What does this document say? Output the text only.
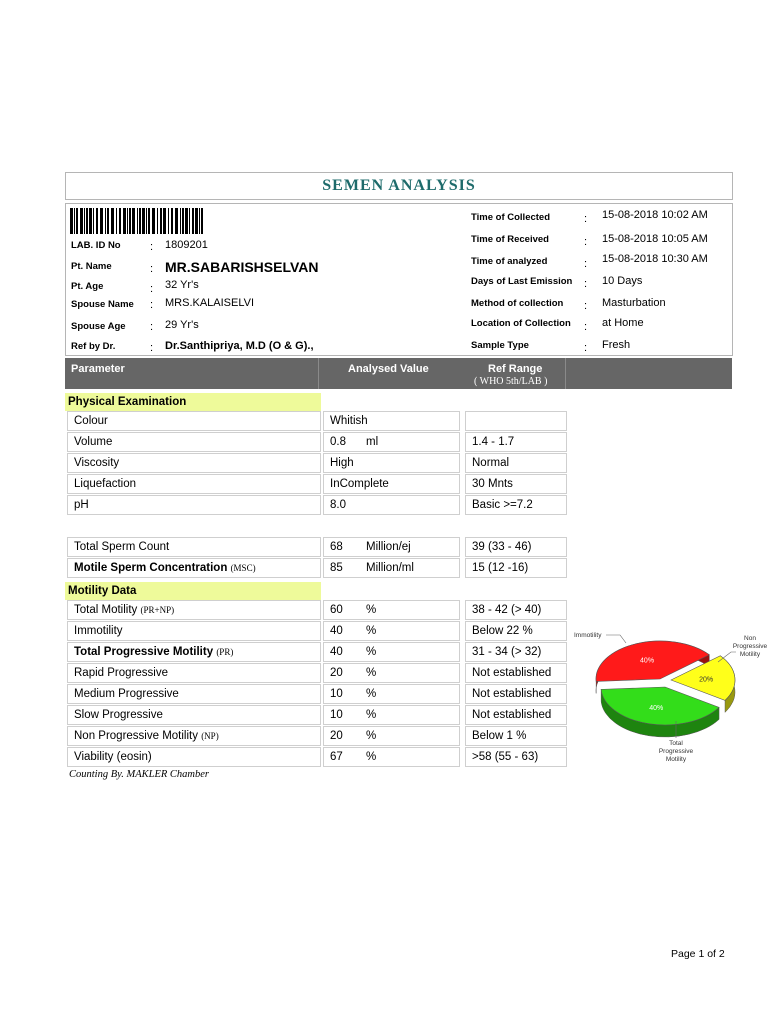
SEMEN ANALYSIS
LAB. ID No	: 1809201
Pt. Name	: MR.SABARISHSELVAN
Pt. Age	: 32 Yr's
Spouse Name : MRS.KALAISELVI
Spouse Age : 29 Yr's
Ref by Dr.	: Dr.Santhipriya, M.D (O & G).,
Time of Collected	: 15-08-2018 10:02 AM
Time of Received	: 15-08-2018 10:05 AM
Time of analyzed	: 15-08-2018 10:30 AM
Days of Last Emission : 10 Days
Method of collection : Masturbation
Location of Collection : at Home
Sample Type	: Fresh
Parameter	Analysed Value	Ref Range
( WHO 5th/LAB )
Physical Examination
Colour	Whitish
Volume	0.8 ml	1.4 - 1.7
Viscosity	High	Normal
Liquefaction	InComplete	30 Mnts
pH	8.0	Basic >=7.2
Total Sperm Count	68 Million/ej	39 (33 - 46)
Motile Sperm Concentration (MSC)	85 Million/ml	15 (12 -16)
Motility Data
Total Motility (PR+NP)	60 %	38 - 42 (> 40)
Immotility	40 %	Below 22 %
Total Progressive Motility (PR)	40 %	31 - 34 (> 32)
Rapid Progressive	20 %	Not established
Medium Progressive	10 %	Not established
Slow Progressive	10 %	Not established
Non Progressive Motility (NP)	20 %	Below 1 %
Viability (eosin)	67 %	>58 (55 - 63)
Counting By. MAKLER Chamber
40%
40%
20%
Immotility	Non Progressive Motility
Total Progressive Motility
Page 1 of 2
